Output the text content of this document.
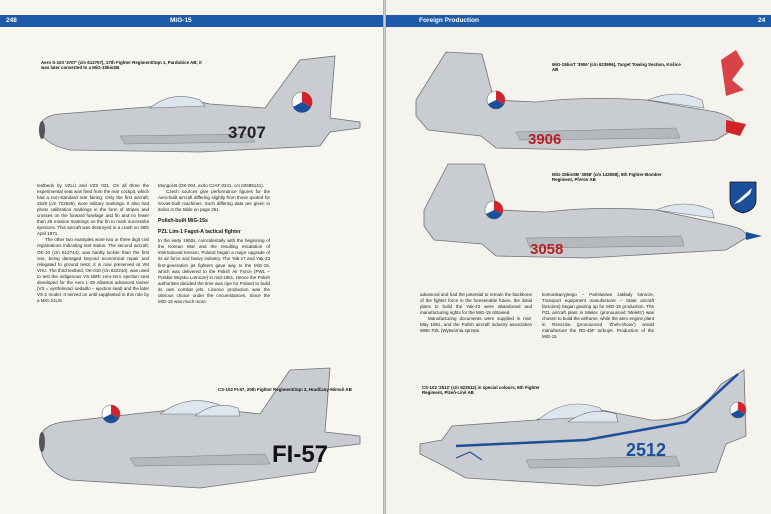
248	MiG-15
Aero S-103 '3707' (c/n 613707), 17th Fighter Regiment/Sqn 1, Pardubice AB; it was later converted to a MiG-15bisSB
3707

testbeds by VZLÚ and VZS 031. On all three the experimental seat was fired from the rear cockpit, which had a non-standard rear fairing. Only the first aircraft, 2528 (c/n 722528), wore military markings. It also had photo calibration markings in the form of stripes and crosses on the forward fuselage and fin and no fewer than 45 mission markings on the fin to mark successful ejections. This aircraft was destroyed in a crash on 30th April 1971.

The other two examples wore two or three digit civil registrations indicating test status. The second aircraft, OK-10 (c/n 612744), was hardly luckier than the first one, being damaged beyond economical repair and relegated to ground tests; it is now preserved at VM VHU. The third testbed, OK-010 (c/n 822210), was used to test the indigenous VS-1BRI zero-zero ejection seat developed for the Aero L-39 Albatros advanced trainer (VS = vystřelovací sedadlo – ejection seat) and the later VS-2 model. It served on until supplanted in this role by a MiG-21US

Mongol-B (OK-004, ex/to CzAF 0241, c/n 02685141).

Czech sources give performance figures for the Aero-built aircraft differing slightly from those quoted for Soviet-built machines. Such differing data are given in italics in the table on page 251.

Polish-built MiG-15s
PZL Lim-1 Fagot-A tactical fighter

In the early 1950s, coincidentally with the beginning of the Korean War and the resulting escalation of international tension, Poland began a major upgrade of its air force and heavy industry. The Yak-17 and Yak-23 first-generation jet fighters gave way to the MiG-15, which was delivered to the Polish Air Force (PWL – Polskie Wojsko Lotnicze) in mid-1951. Hence the Polish authorities decided the time was ripe for Poland to build its own combat jets. Licence production was the obvious choice under the circumstances. Since the MiG-15 was much more

FI-57
CS-102 FI-57, 20th Fighter Regiment/Sqn 3, Hradčany-Mimoň AB
Foreign Production	24
MiG-15bisT '3906' (c/n 623906), Target Towing Section, Košice AB
3906
MiG-15bisSB '3058' (c/n 143058), 6th Fighter-Bomber Regiment, Přerov AB
3058

advanced and had the potential to remain the backbone of the fighter force in the foreseeable future, the initial plans to build the Yak-23 were abandoned and manufacturing rights for the MiG-15 obtained.

Manufacturing documents were supplied in mid-May 1951, and the Polish aircraft industry association WBK PZL (Wytwórnia sprzętu

komunikacyjnego – Państwowe zakłady lotnicze, Transport equipment manufacturer – State aircraft factories) began gearing up for MiG-15 production. The PZL aircraft plant in Mielec (pronounced 'Melets') was chosen to build the airframe, while the aero engine plant in Rzeszów (pronounced 'Zheh-shoov') would manufacture the RD-45F turbojet. Production of the MiG-15

CS-102 '2512' (c/n 922512) in special colours, 6th Fighter Regiment, Plzeň-Líně AB
2512
